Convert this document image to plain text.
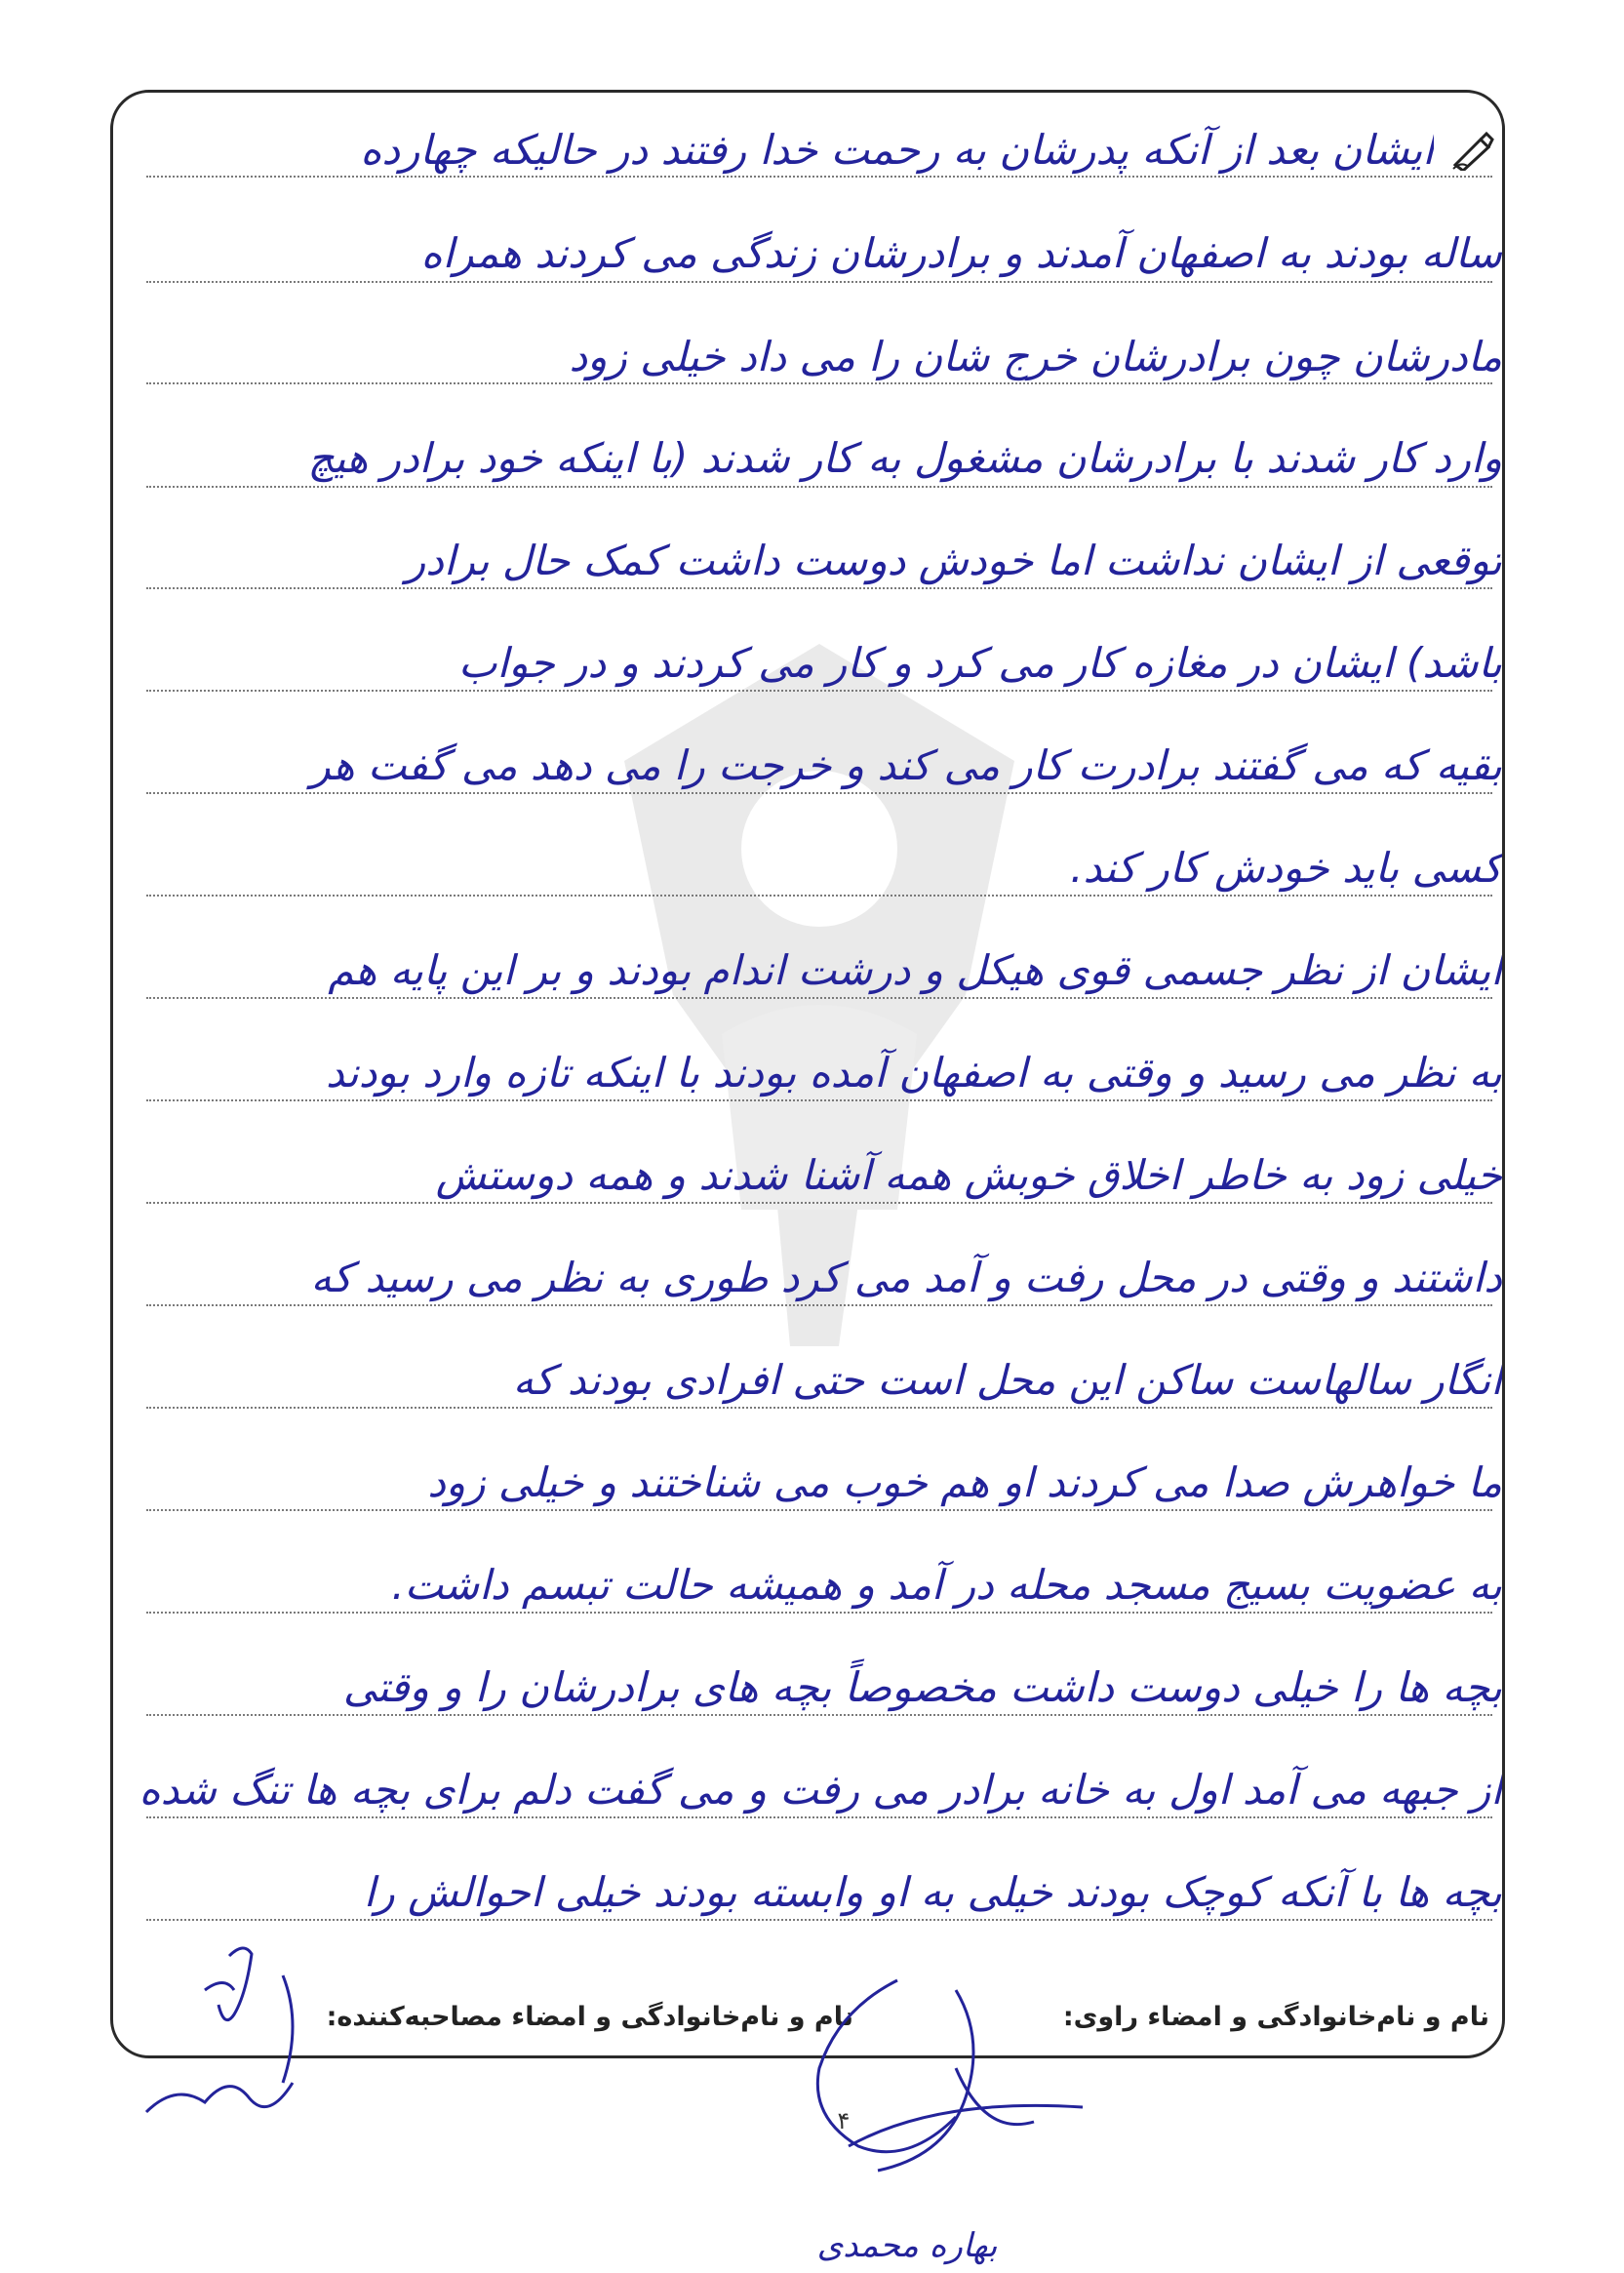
ایشان بعد از آنکه پدرشان به رحمت خدا رفتند در حالیکه چهارده
ساله بودند به اصفهان آمدند و برادرشان زندگی می کردند همراه
مادرشان چون برادرشان خرج شان را می داد خیلی زود
وارد کار شدند با برادرشان مشغول به کار شدند (با اینکه خود برادر هیچ
توقعی از ایشان نداشت اما خودش دوست داشت کمک حال برادر
باشد) ایشان در مغازه کار می کرد و کار می کردند و در جواب
بقیه که می گفتند برادرت کار می کند و خرجت را می دهد می گفت هر
کسی باید خودش کار کند.
ایشان از نظر جسمی قوی هیکل و درشت اندام بودند و بر این پایه هم
به نظر می رسید و وقتی به اصفهان آمده بودند با اینکه تازه وارد بودند
خیلی زود به خاطر اخلاق خوبش همه آشنا شدند و همه دوستش
داشتند و وقتی در محل رفت و آمد می کرد طوری به نظر می رسید که
انگار سالهاست ساکن این محل است حتی افرادی بودند که
ما خواهرش صدا می کردند او هم خوب می شناختند و خیلی زود
به عضویت بسیج مسجد محله در آمد و همیشه حالت تبسم داشت.
بچه ها را خیلی دوست داشت مخصوصاً بچه های برادرشان را و وقتی
از جبهه می آمد اول به خانه برادر می رفت و می گفت دلم برای بچه ها تنگ شده
بچه ها با آنکه کوچک بودند خیلی به او وابسته بودند خیلی احوالش را
نام و نام‌خانوادگی و امضاء مصاحبه‌کننده:	نام و نام‌خانوادگی و امضاء راوی:
۴
بهاره محمدی
